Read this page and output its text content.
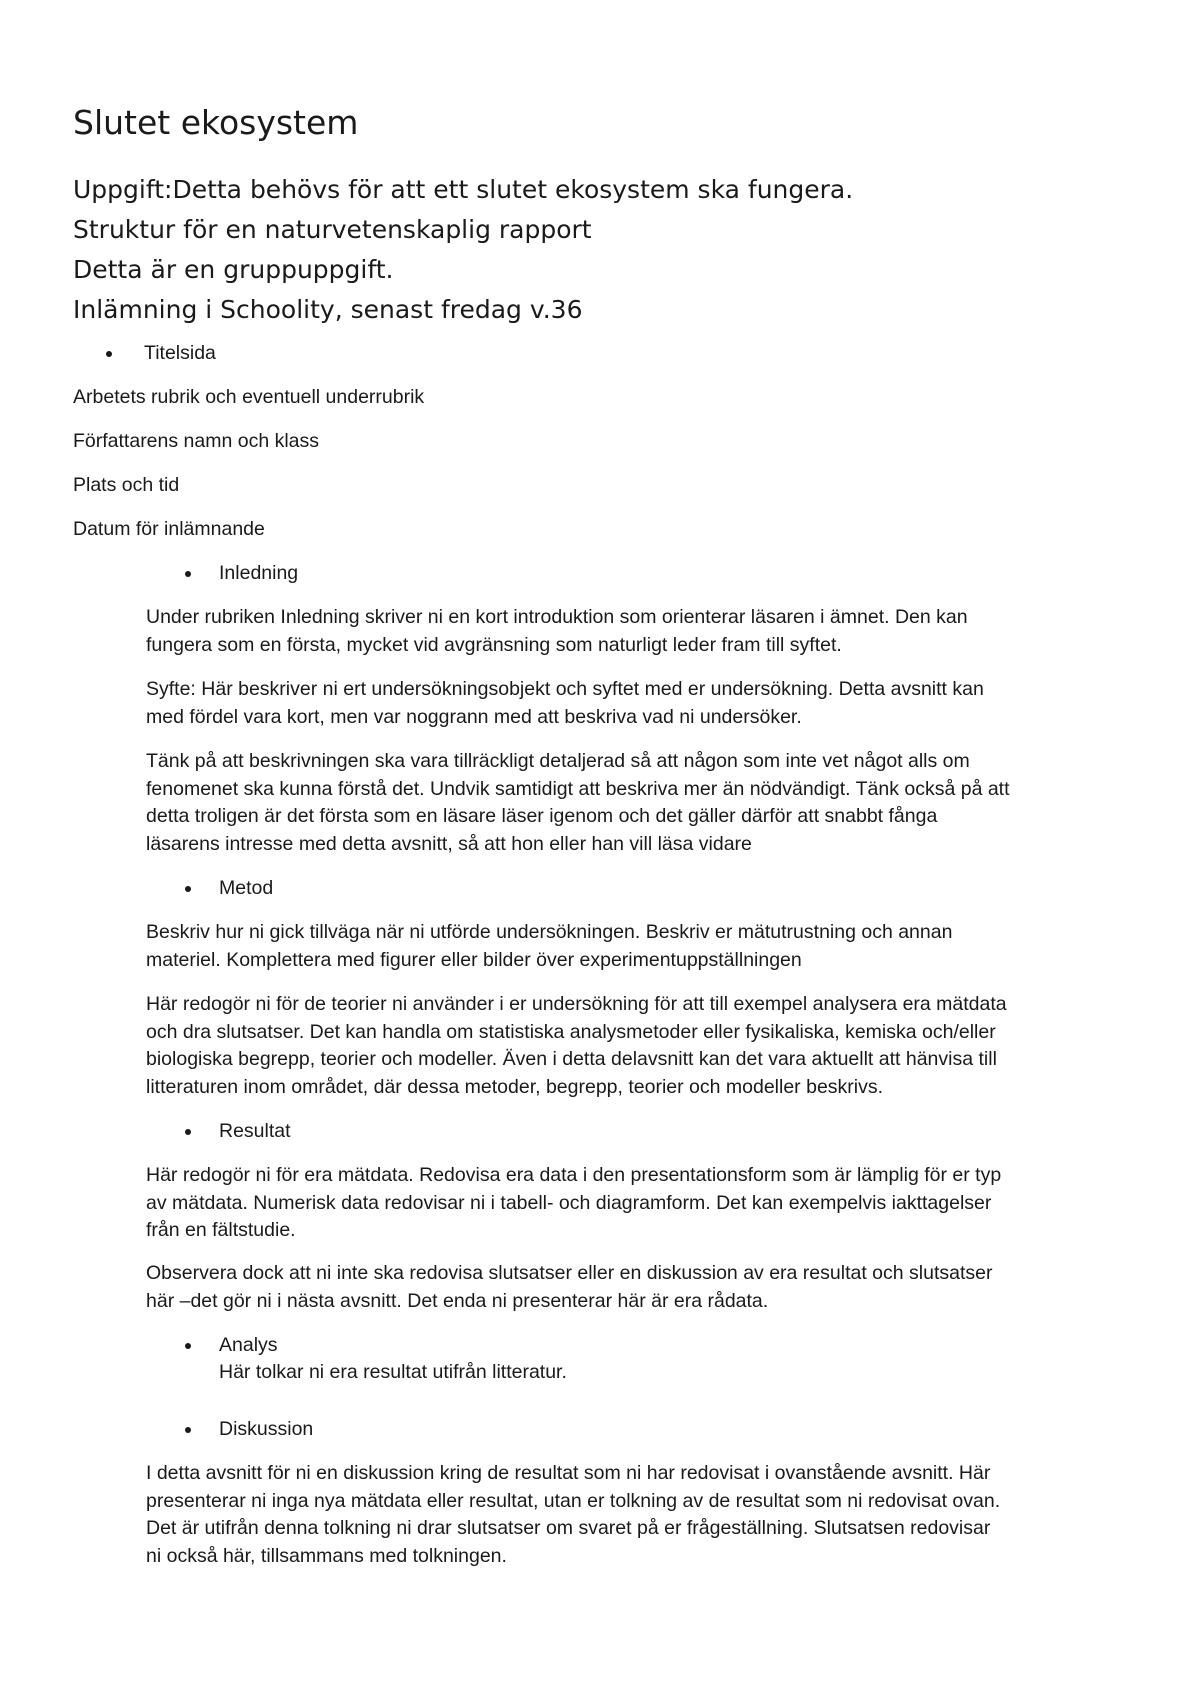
Slutet ekosystem

Uppgift:Detta behövs för att ett slutet ekosystem ska fungera.

Struktur för en naturvetenskaplig rapport

Detta är en gruppuppgift.

Inlämning i Schoolity, senast fredag v.36

Titelsida

Arbetets rubrik och eventuell underrubrik

Författarens namn och klass

Plats och tid

Datum för inlämnande

Inledning
Under rubriken Inledning skriver ni en kort introduktion som orienterar läsaren i ämnet. Den kan
fungera som en första, mycket vid avgränsning som naturligt leder fram till syftet.
Syfte: Här beskriver ni ert undersökningsobjekt och syftet med er undersökning. Detta avsnitt kan
med fördel vara kort, men var noggrann med att beskriva vad ni undersöker.
Tänk på att beskrivningen ska vara tillräckligt detaljerad så att någon som inte vet något alls om
fenomenet ska kunna förstå det. Undvik samtidigt att beskriva mer än nödvändigt. Tänk också på att
detta troligen är det första som en läsare läser igenom och det gäller därför att snabbt fånga
läsarens intresse med detta avsnitt, så att hon eller han vill läsa vidare
Metod
Beskriv hur ni gick tillväga när ni utförde undersökningen. Beskriv er mätutrustning och annan
materiel. Komplettera med figurer eller bilder över experimentuppställningen
Här redogör ni för de teorier ni använder i er undersökning för att till exempel analysera era mätdata
och dra slutsatser. Det kan handla om statistiska analysmetoder eller fysikaliska, kemiska och/eller
biologiska begrepp, teorier och modeller. Även i detta delavsnitt kan det vara aktuellt att hänvisa till
litteraturen inom området, där dessa metoder, begrepp, teorier och modeller beskrivs.
Resultat
Här redogör ni för era mätdata. Redovisa era data i den presentationsform som är lämplig för er typ
av mätdata. Numerisk data redovisar ni i tabell- och diagramform. Det kan exempelvis iakttagelser
från en fältstudie.
Observera dock att ni inte ska redovisa slutsatser eller en diskussion av era resultat och slutsatser
här –det gör ni i nästa avsnitt. Det enda ni presenterar här är era rådata.
Analys

Här tolkar ni era resultat utifrån litteratur.

Diskussion
I detta avsnitt för ni en diskussion kring de resultat som ni har redovisat i ovanstående avsnitt. Här
presenterar ni inga nya mätdata eller resultat, utan er tolkning av de resultat som ni redovisat ovan.
Det är utifrån denna tolkning ni drar slutsatser om svaret på er frågeställning. Slutsatsen redovisar
ni också här, tillsammans med tolkningen.
